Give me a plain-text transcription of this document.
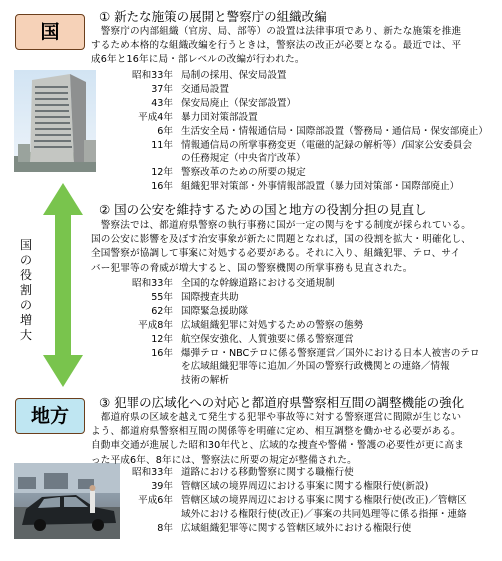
国
国
の
役
割
の
増
大
地方
① 新たな施策の展開と警察庁の組織改編
　警察庁の内部組織（官房、局、部等）の設置は法律事項であり、新たな施策を推進
するため本格的な組織改編を行うときは，警察法の改正が必要となる。最近では、平
成6年と16年に局・部レベルの改編が行われた。
昭和33年 局制の採用、保安局設置
37年 交通局設置
43年 保安局廃止（保安部設置）
平成4年 暴力団対策部設置
6年 生活安全局・情報通信局・国際部設置（警務局・通信局・保安部廃止）
11年 情報通信局の所掌事務変更（電磁的記録の解析等）/国家公安委員会
の任務規定（中央省庁改革）
12年 警察改革のための所要の規定
16年 組織犯罪対策部・外事情報部設置（暴力団対策部・国際部廃止）
② 国の公安を維持するための国と地方の役割分担の見直し
　警察法では、都道府県警察の執行事務に国が一定の関与をする制度が採られている。
国の公安に影響を及ぼす治安事象が新たに問題となれば，国の役割を拡大・明確化し、
全国警察が協調して事案に対処する必要がある。それに入り、組織犯罪、テロ、サイ
バー犯罪等の脅威が増大すると、国の警察機関の所掌事務も見直された。
昭和33年 全国的な幹線道路における交通規制
55年 国際捜査共助
62年 国際緊急援助隊
平成8年 広域組織犯罪に対処するための警察の態勢
12年 航空保安強化、人質強要に係る警察運営
16年 爆弾テロ・NBCテロに係る警察運営／国外における日本人被害のテロ
を広域組織犯罪等に追加／外国の警察行政機関との連絡／情報
技術の解析
③ 犯罪の広域化への対応と都道府県警察相互間の調整機能の強化
　都道府県の区域を越えて発生する犯罪や事故等に対する警察運営に間隙が生じない
よう、都道府県警察相互間の関係等を明確に定め、相互調整を働かせる必要がある。
自動車交通が進展した昭和30年代と、広域的な捜査や警備・警護の必要性が更に高ま
った平成6年、8年には、警察法に所要の規定が整備された。
昭和33年 道路における移動警察に関する職権行使
39年 管轄区域の境界周辺における事案に関する権限行使(新設)
平成6年 管轄区域の境界周辺における事案に関する権限行使(改正)／管轄区
域外における権限行使(改正)／事案の共同処理等に係る指揮・連絡
8年 広域組織犯罪等に関する管轄区域外における権限行使
